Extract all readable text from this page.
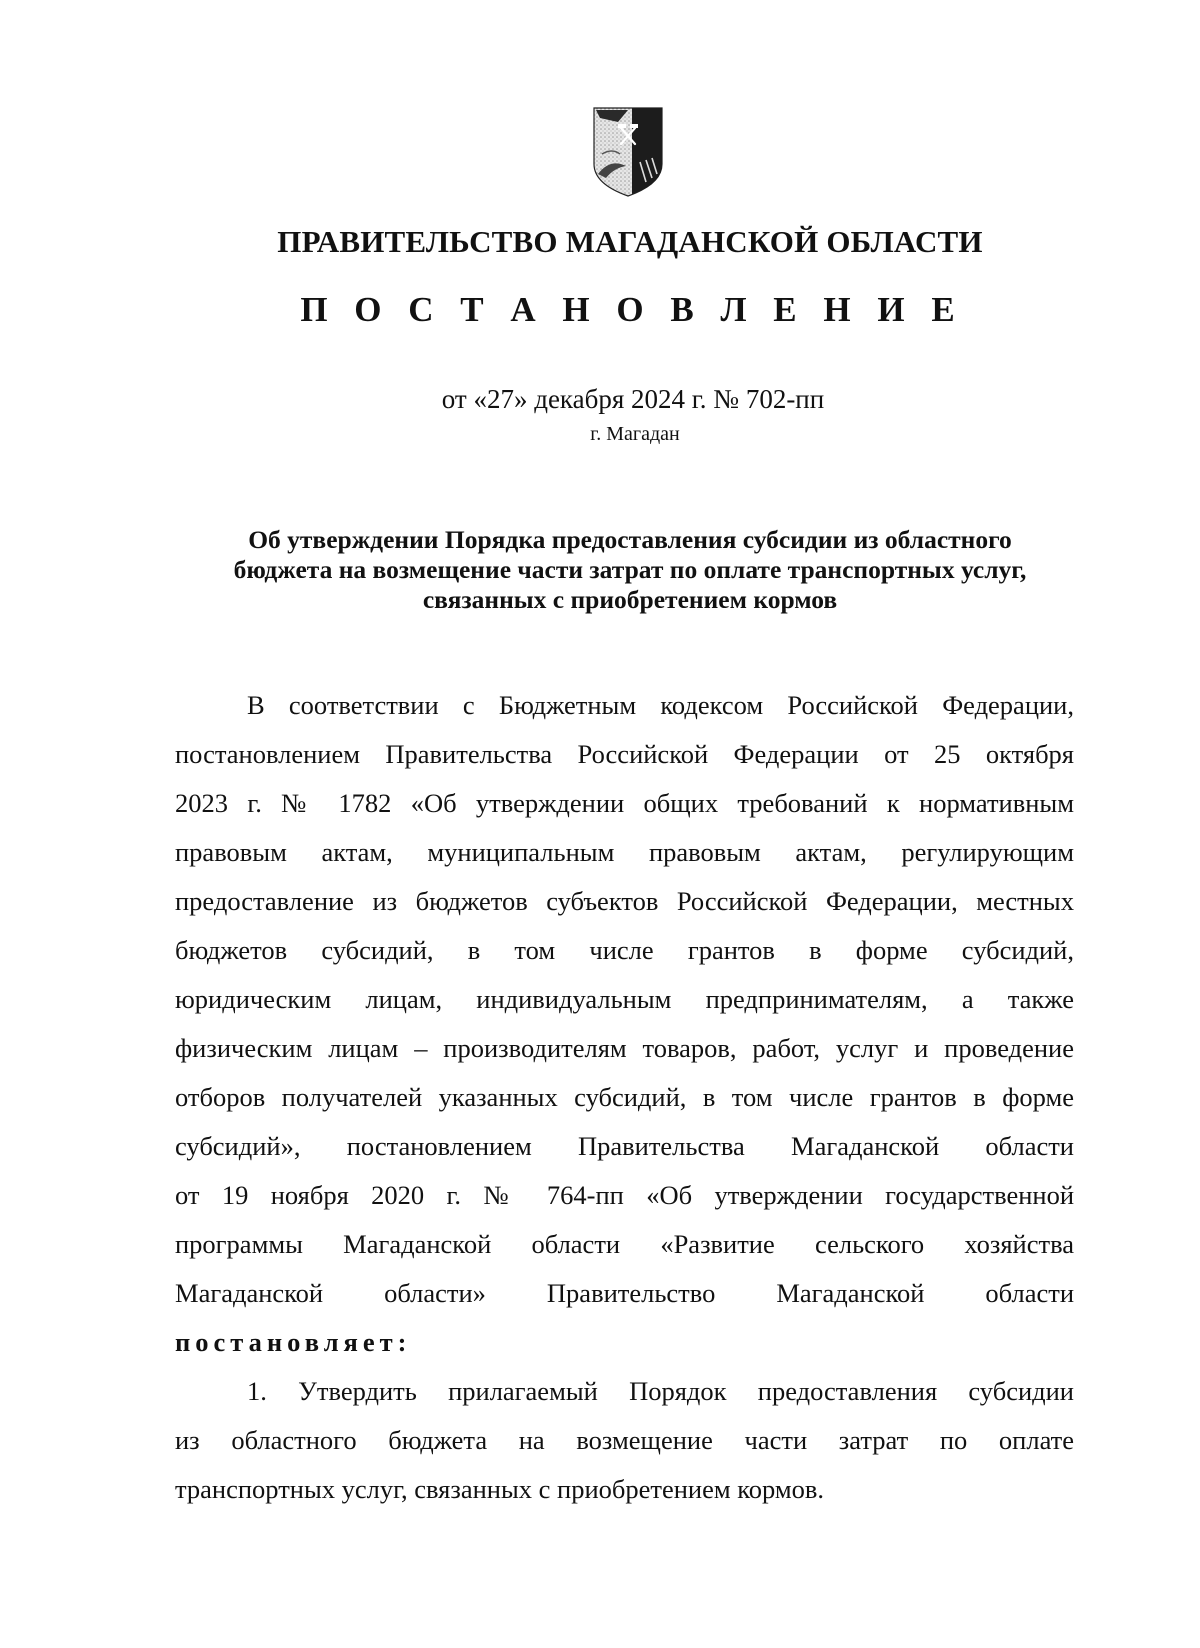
ПРАВИТЕЛЬСТВО МАГАДАНСКОЙ ОБЛАСТИ
П О С Т А Н О В Л Е Н И Е
от «27» декабря 2024 г. № 702-пп
г. Магадан
Об утверждении Порядка предоставления субсидии из областного
бюджета на возмещение части затрат по оплате транспортных услуг,
связанных с приобретением кормов
В соответствии с Бюджетным кодексом Российской Федерации,
постановлением Правительства Российской Федерации от 25 октября
2023 г. № 1782 «Об утверждении общих требований к нормативным
правовым актам, муниципальным правовым актам, регулирующим
предоставление из бюджетов субъектов Российской Федерации, местных
бюджетов субсидий, в том числе грантов в форме субсидий,
юридическим лицам, индивидуальным предпринимателям, а также
физическим лицам – производителям товаров, работ, услуг и проведение
отборов получателей указанных субсидий, в том числе грантов в форме
субсидий», постановлением Правительства Магаданской области
от 19 ноября 2020 г. № 764-пп «Об утверждении государственной
программы Магаданской области «Развитие сельского хозяйства
Магаданской области» Правительство Магаданской области
постановляет:
1. Утвердить прилагаемый Порядок предоставления субсидии
из областного бюджета на возмещение части затрат по оплате
транспортных услуг, связанных с приобретением кормов.
